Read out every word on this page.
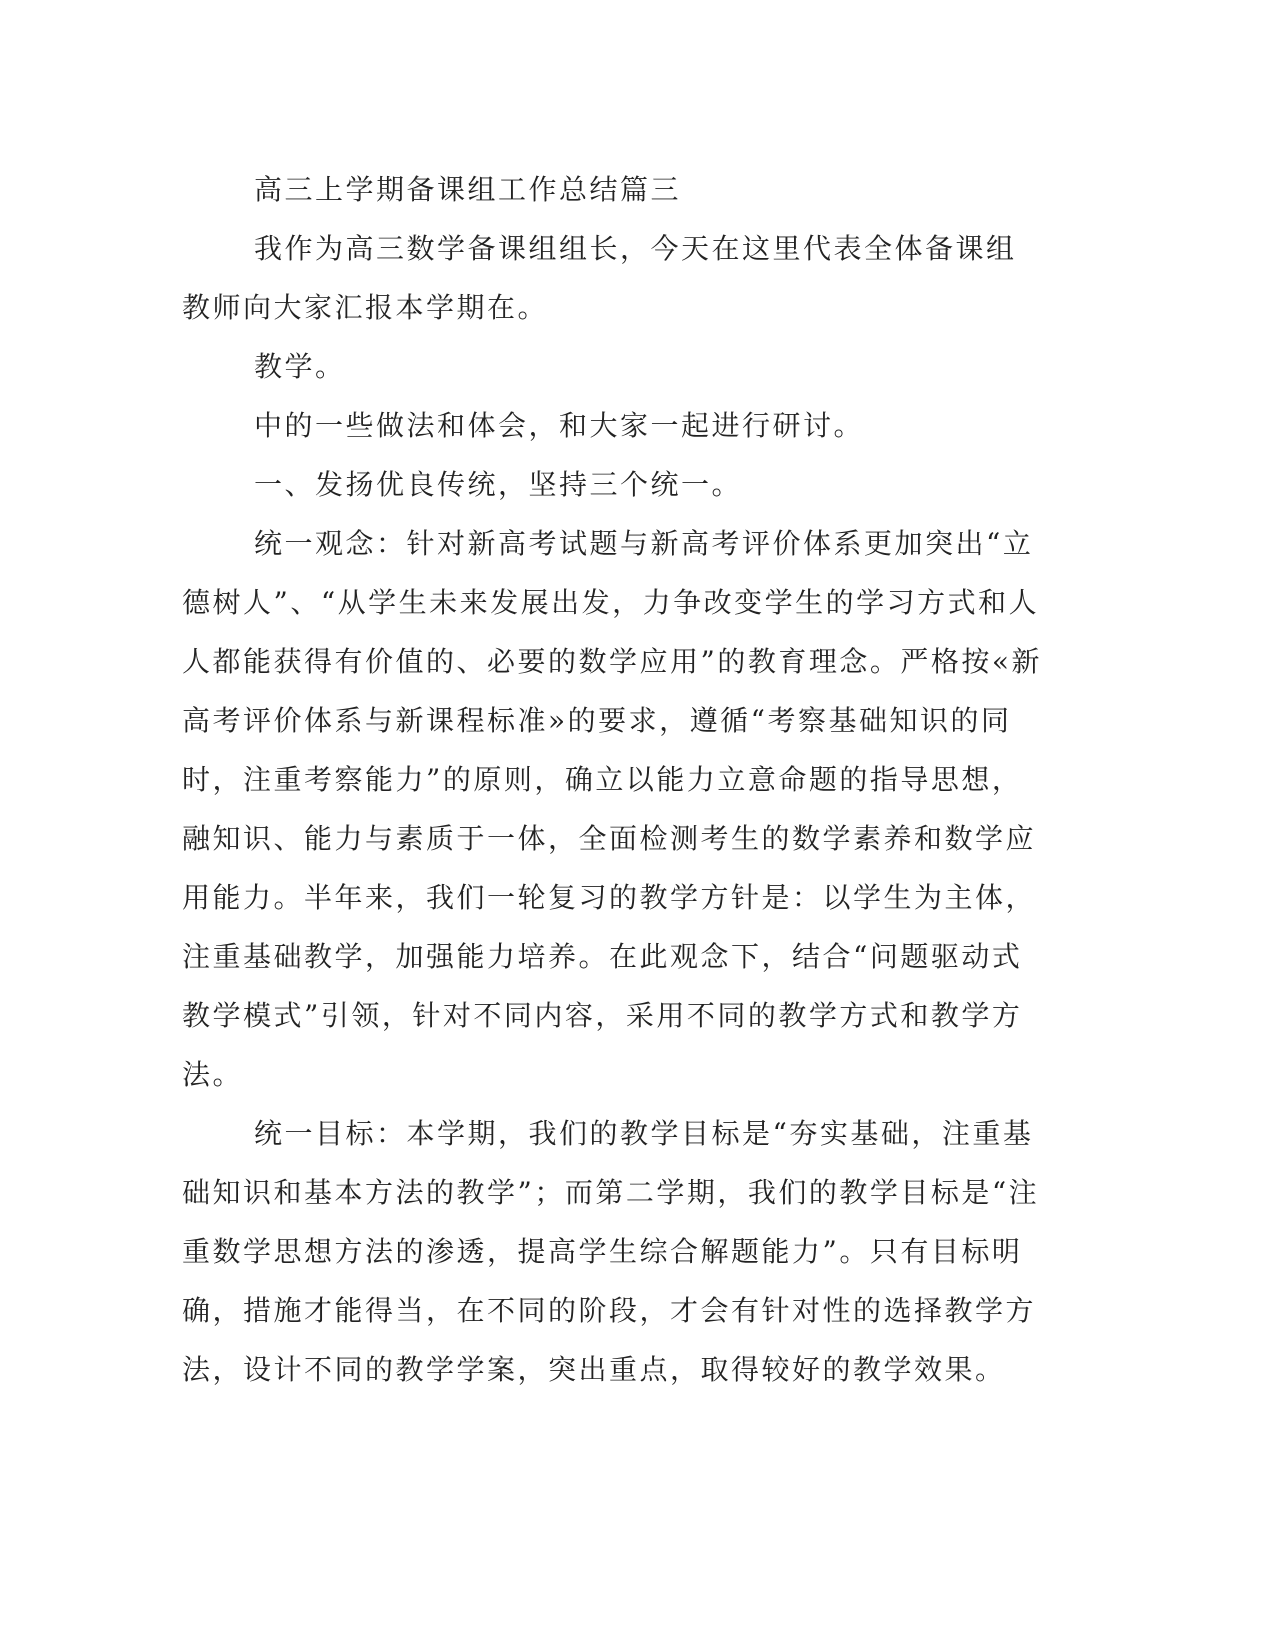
高三上学期备课组工作总结篇三

我作为高三数学备课组组长，今天在这里代表全体备课组教师向大家汇报本学期在。

教学。

中的一些做法和体会，和大家一起进行研讨。

一、发扬优良传统，坚持三个统一。

统一观念：针对新高考试题与新高考评价体系更加突出“立德树人”、“从学生未来发展出发，力争改变学生的学习方式和人人都能获得有价值的、必要的数学应用”的教育理念。严格按«新高考评价体系与新课程标准»的要求，遵循“考察基础知识的同时，注重考察能力”的原则，确立以能力立意命题的指导思想，融知识、能力与素质于一体，全面检测考生的数学素养和数学应用能力。半年来，我们一轮复习的教学方针是：以学生为主体，注重基础教学，加强能力培养。在此观念下，结合“问题驱动式教学模式”引领，针对不同内容，采用不同的教学方式和教学方法。

统一目标：本学期，我们的教学目标是“夯实基础，注重基础知识和基本方法的教学”；而第二学期，我们的教学目标是“注重数学思想方法的渗透，提高学生综合解题能力”。只有目标明确，措施才能得当，在不同的阶段，才会有针对性的选择教学方法，设计不同的教学学案，突出重点，取得较好的教学效果。
